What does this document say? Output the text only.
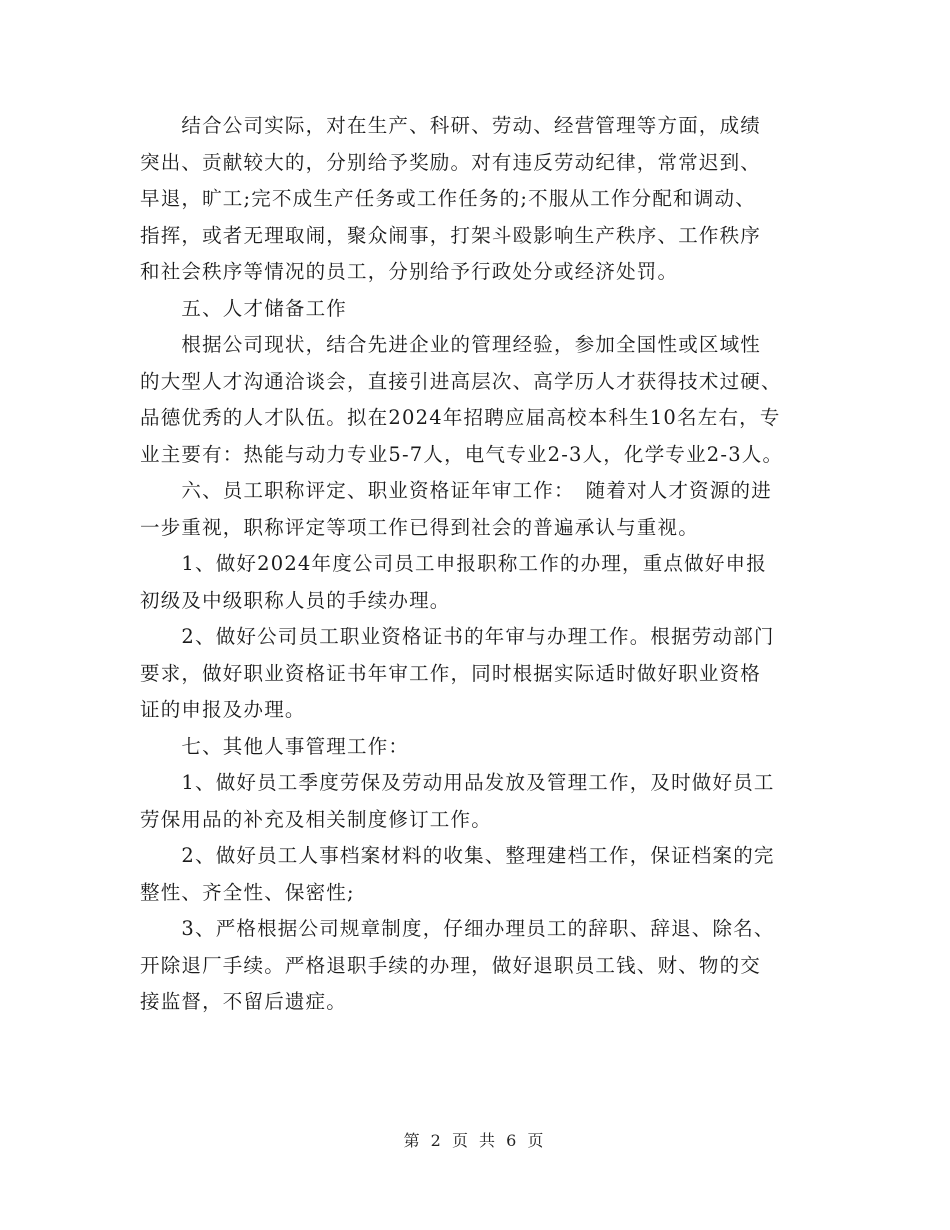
　　结合公司实际，对在生产、科研、劳动、经营管理等方面，成绩
突出、贡献较大的，分别给予奖励。对有违反劳动纪律，常常迟到、
早退，旷工;完不成生产任务或工作任务的;不服从工作分配和调动、
指挥，或者无理取闹，聚众闹事，打架斗殴影响生产秩序、工作秩序
和社会秩序等情况的员工，分别给予行政处分或经济处罚。
　　五、人才储备工作
　　根据公司现状，结合先进企业的管理经验，参加全国性或区域性
的大型人才沟通洽谈会，直接引进高层次、高学历人才获得技术过硬、
品德优秀的人才队伍。拟在2024年招聘应届高校本科生10名左右，专
业主要有：热能与动力专业5-7人，电气专业2-3人，化学专业2-3人。
　　六、员工职称评定、职业资格证年审工作：　随着对人才资源的进
一步重视，职称评定等项工作已得到社会的普遍承认与重视。
　　1、做好2024年度公司员工申报职称工作的办理，重点做好申报
初级及中级职称人员的手续办理。
　　2、做好公司员工职业资格证书的年审与办理工作。根据劳动部门
要求，做好职业资格证书年审工作，同时根据实际适时做好职业资格
证的申报及办理。
　　七、其他人事管理工作：
　　1、做好员工季度劳保及劳动用品发放及管理工作，及时做好员工
劳保用品的补充及相关制度修订工作。
　　2、做好员工人事档案材料的收集、整理建档工作，保证档案的完
整性、齐全性、保密性;
　　3、严格根据公司规章制度，仔细办理员工的辞职、辞退、除名、
开除退厂手续。严格退职手续的办理，做好退职员工钱、财、物的交
接监督，不留后遗症。
第 2 页 共 6 页
